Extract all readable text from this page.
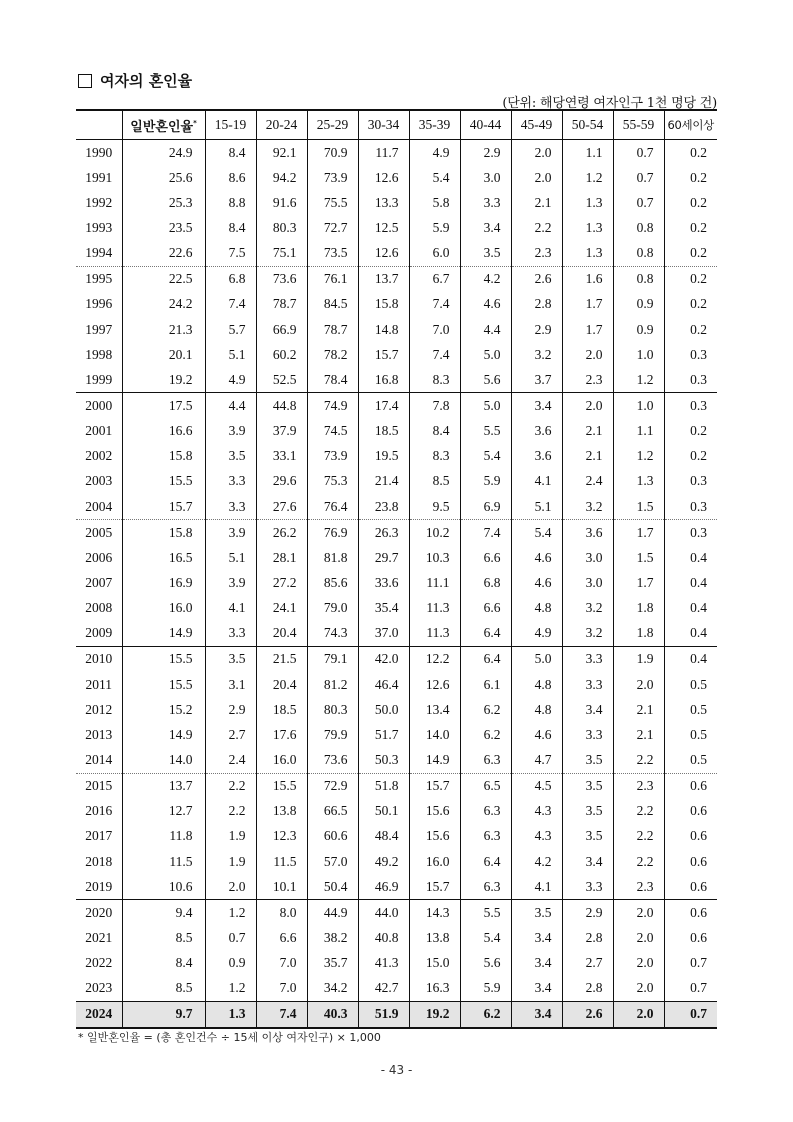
여자의 혼인율
(단위: 해당연령 여자인구 1천 명당 건)
	일반혼인율*	15-19	20-24	25-29	30-34	35-39	40-44	45-49	50-54	55-59	60세이상
1990	24.9	8.4	92.1	70.9	11.7	4.9	2.9	2.0	1.1	0.7	0.2
1991	25.6	8.6	94.2	73.9	12.6	5.4	3.0	2.0	1.2	0.7	0.2
1992	25.3	8.8	91.6	75.5	13.3	5.8	3.3	2.1	1.3	0.7	0.2
1993	23.5	8.4	80.3	72.7	12.5	5.9	3.4	2.2	1.3	0.8	0.2
1994	22.6	7.5	75.1	73.5	12.6	6.0	3.5	2.3	1.3	0.8	0.2
1995	22.5	6.8	73.6	76.1	13.7	6.7	4.2	2.6	1.6	0.8	0.2
1996	24.2	7.4	78.7	84.5	15.8	7.4	4.6	2.8	1.7	0.9	0.2
1997	21.3	5.7	66.9	78.7	14.8	7.0	4.4	2.9	1.7	0.9	0.2
1998	20.1	5.1	60.2	78.2	15.7	7.4	5.0	3.2	2.0	1.0	0.3
1999	19.2	4.9	52.5	78.4	16.8	8.3	5.6	3.7	2.3	1.2	0.3
2000	17.5	4.4	44.8	74.9	17.4	7.8	5.0	3.4	2.0	1.0	0.3
2001	16.6	3.9	37.9	74.5	18.5	8.4	5.5	3.6	2.1	1.1	0.2
2002	15.8	3.5	33.1	73.9	19.5	8.3	5.4	3.6	2.1	1.2	0.2
2003	15.5	3.3	29.6	75.3	21.4	8.5	5.9	4.1	2.4	1.3	0.3
2004	15.7	3.3	27.6	76.4	23.8	9.5	6.9	5.1	3.2	1.5	0.3
2005	15.8	3.9	26.2	76.9	26.3	10.2	7.4	5.4	3.6	1.7	0.3
2006	16.5	5.1	28.1	81.8	29.7	10.3	6.6	4.6	3.0	1.5	0.4
2007	16.9	3.9	27.2	85.6	33.6	11.1	6.8	4.6	3.0	1.7	0.4
2008	16.0	4.1	24.1	79.0	35.4	11.3	6.6	4.8	3.2	1.8	0.4
2009	14.9	3.3	20.4	74.3	37.0	11.3	6.4	4.9	3.2	1.8	0.4
2010	15.5	3.5	21.5	79.1	42.0	12.2	6.4	5.0	3.3	1.9	0.4
2011	15.5	3.1	20.4	81.2	46.4	12.6	6.1	4.8	3.3	2.0	0.5
2012	15.2	2.9	18.5	80.3	50.0	13.4	6.2	4.8	3.4	2.1	0.5
2013	14.9	2.7	17.6	79.9	51.7	14.0	6.2	4.6	3.3	2.1	0.5
2014	14.0	2.4	16.0	73.6	50.3	14.9	6.3	4.7	3.5	2.2	0.5
2015	13.7	2.2	15.5	72.9	51.8	15.7	6.5	4.5	3.5	2.3	0.6
2016	12.7	2.2	13.8	66.5	50.1	15.6	6.3	4.3	3.5	2.2	0.6
2017	11.8	1.9	12.3	60.6	48.4	15.6	6.3	4.3	3.5	2.2	0.6
2018	11.5	1.9	11.5	57.0	49.2	16.0	6.4	4.2	3.4	2.2	0.6
2019	10.6	2.0	10.1	50.4	46.9	15.7	6.3	4.1	3.3	2.3	0.6
2020	9.4	1.2	8.0	44.9	44.0	14.3	5.5	3.5	2.9	2.0	0.6
2021	8.5	0.7	6.6	38.2	40.8	13.8	5.4	3.4	2.8	2.0	0.6
2022	8.4	0.9	7.0	35.7	41.3	15.0	5.6	3.4	2.7	2.0	0.7
2023	8.5	1.2	7.0	34.2	42.7	16.3	5.9	3.4	2.8	2.0	0.7
2024	9.7	1.3	7.4	40.3	51.9	19.2	6.2	3.4	2.6	2.0	0.7
* 일반혼인율 = (총 혼인건수 ÷ 15세 이상 여자인구) × 1,000
- 43 -
